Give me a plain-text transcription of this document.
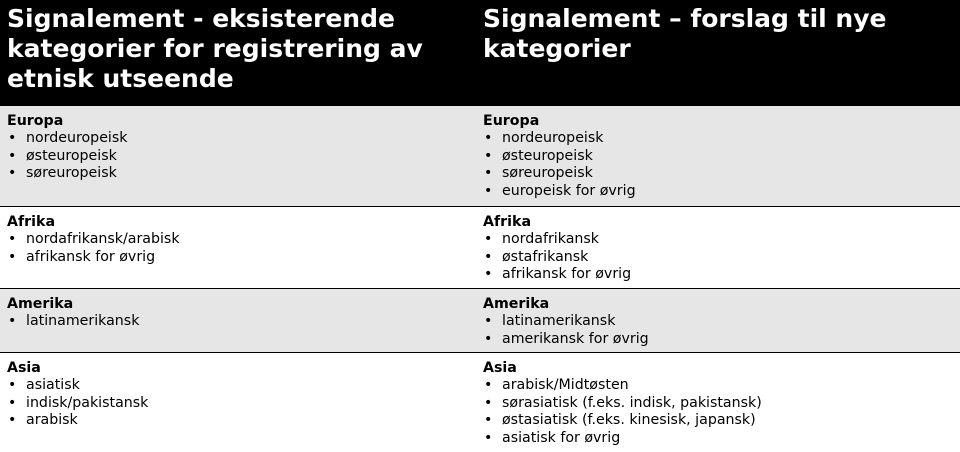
Signalement - eksisterende kategorier for registrering av etnisk utseende
Signalement – forslag til nye kategorier
Europa
• nordeuropeisk
• østeuropeisk
• søreuropeisk
Europa
• nordeuropeisk
• østeuropeisk
• søreuropeisk
• europeisk for øvrig
Afrika
• nordafrikansk/arabisk
• afrikansk for øvrig
Afrika
• nordafrikansk
• østafrikansk
• afrikansk for øvrig
Amerika
• latinamerikansk
Amerika
• latinamerikansk
• amerikansk for øvrig
Asia
• asiatisk
• indisk/pakistansk
• arabisk
Asia
• arabisk/Midtøsten
• sørasiatisk (f.eks. indisk, pakistansk)
• østasiatisk (f.eks. kinesisk, japansk)
• asiatisk for øvrig
